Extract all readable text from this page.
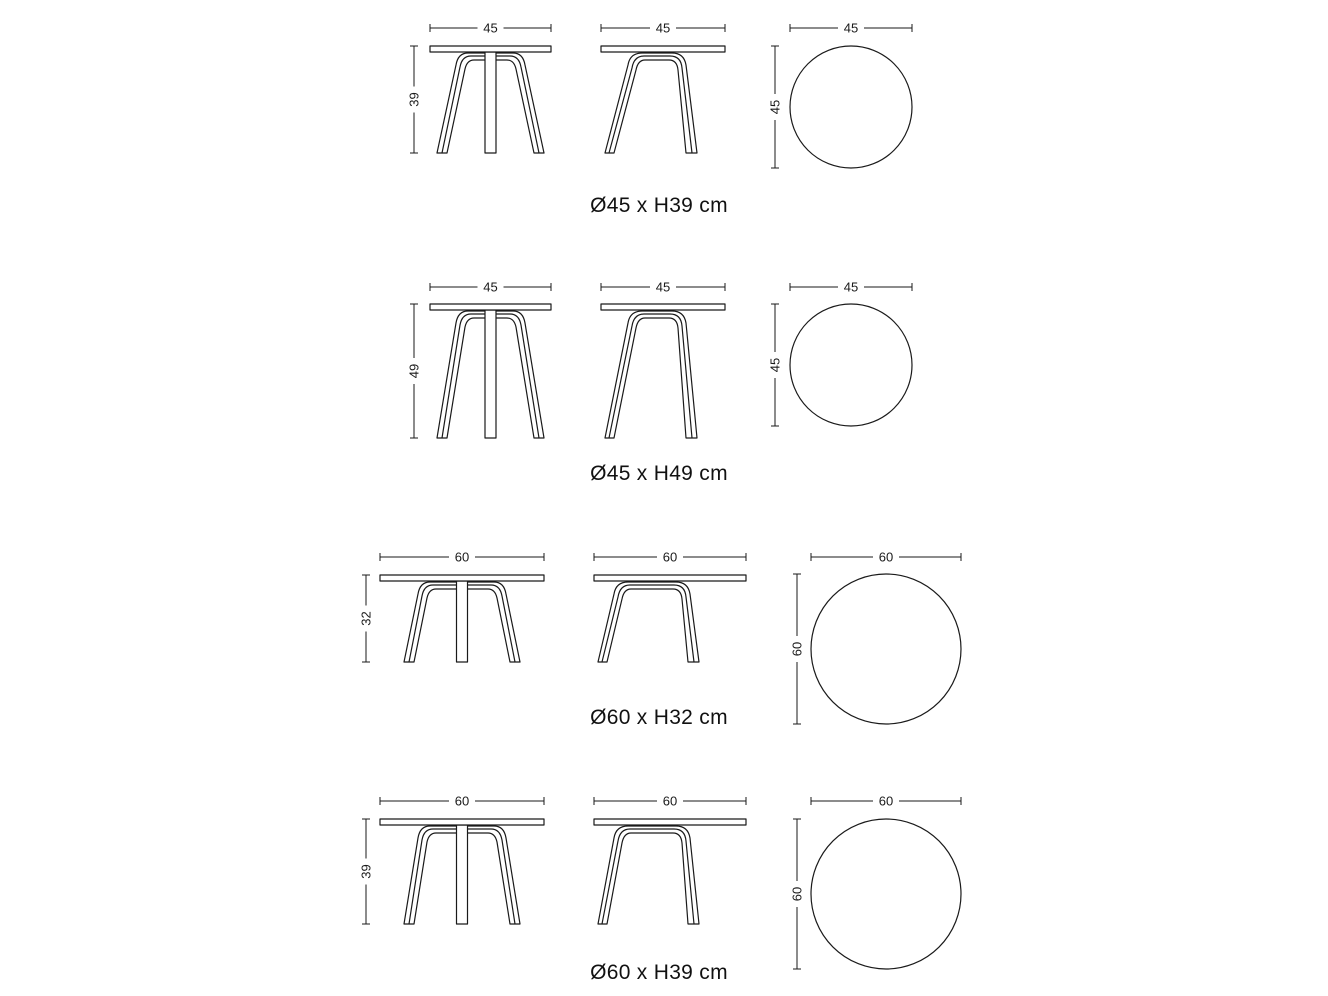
45
39
45	45
45
Ø45 x H39 cm
45
49
45	45
45
Ø45 x H49 cm
60
32
60	60
60
Ø60 x H32 cm
60
39
60	60
60
Ø60 x H39 cm
